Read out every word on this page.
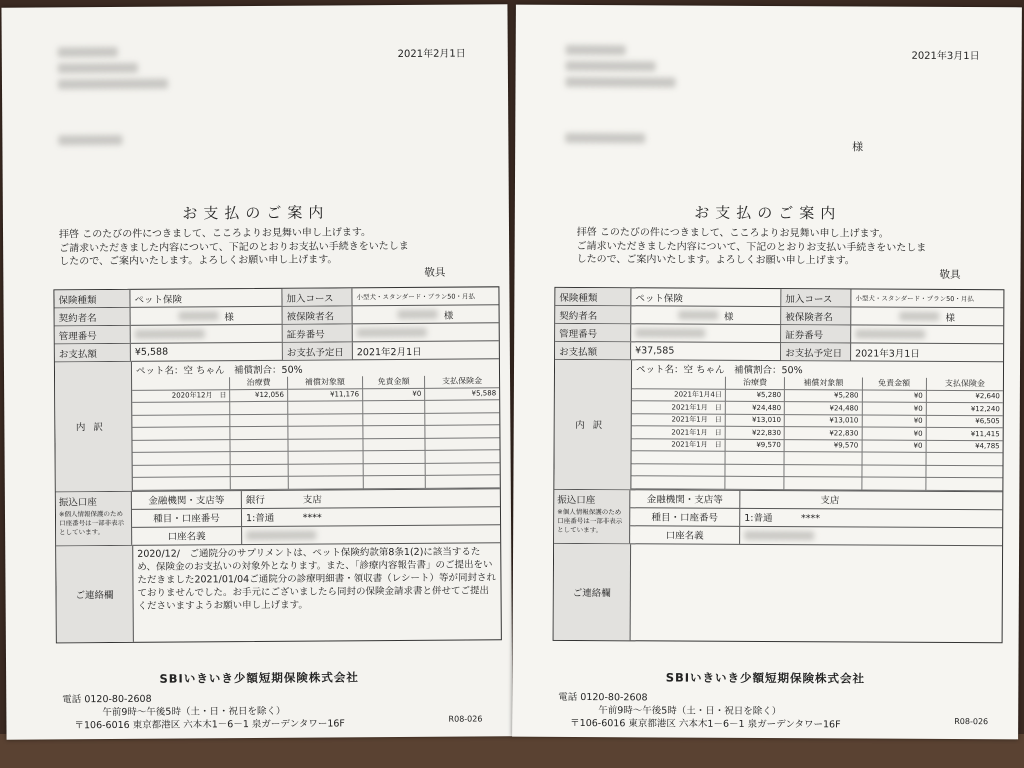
2021年2月1日
お支払のご案内
拝啓 このたびの件につきまして、こころよりお見舞い申し上げます。
ご請求いただきました内容について、下記のとおりお支払い手続きをいたしま
したので、ご案内いたします。よろしくお願い申し上げます。
敬具
保険種類	ペット保険	加入コース	小型犬・スタンダード・プラン50・月払
契約者名	様	被保険者名	様
管理番号	証券番号
お支払額	¥5,588	お支払予定日	2021年2月1日
内訳
ペット名：空 ちゃん　補償割合：50%
	治療費	補償対象額	免責金額	支払保険金
2020年12月　日	¥12,056	¥11,176	¥0	¥5,588

振込口座
※個人情報保護のため口座番号は一部非表示としています。
金融機関・支店等	銀行　　　　支店
種目・口座番号	1:普通　　　****
口座名義
ご連絡欄
2020/12/　ご通院分のサプリメントは、ペット保険約款第8条1(2)に該当するため、保険金のお支払いの対象外となります。また、「診療内容報告書」のご提出をいただきました2021/01/04ご通院分の診療明細書・領収書（レシート）等が同封されておりませんでした。お手元にございましたら同封の保険金請求書と併せてご提出くださいますようお願い申し上げます。
SBIいきいき少額短期保険株式会社
電話 0120-80-2608
午前9時〜午後5時（土・日・祝日を除く）
〒106-6016 東京都港区 六本木1－6－1 泉ガーデンタワー16F	R08-026
2021年3月1日
様
お支払のご案内
拝啓 このたびの件につきまして、こころよりお見舞い申し上げます。
ご請求いただきました内容について、下記のとおりお支払い手続きをいたしま
したので、ご案内いたします。よろしくお願い申し上げます。
敬具
保険種類	ペット保険	加入コース	小型犬・スタンダード・プラン50・月払
契約者名	様	被保険者名	様
管理番号	証券番号
お支払額	¥37,585	お支払予定日	2021年3月1日
内訳
ペット名：空 ちゃん　補償割合：50%
	治療費	補償対象額	免責金額	支払保険金
2021年1月4日	¥5,280	¥5,280	¥0	¥2,640
2021年1月　日	¥24,480	¥24,480	¥0	¥12,240
2021年1月　日	¥13,010	¥13,010	¥0	¥6,505
2021年1月　日	¥22,830	¥22,830	¥0	¥11,415
2021年1月　日	¥9,570	¥9,570	¥0	¥4,785

振込口座
※個人情報保護のため口座番号は一部非表示としています。
金融機関・支店等	支店
種目・口座番号	1:普通　　　****
口座名義
ご連絡欄
SBIいきいき少額短期保険株式会社
電話 0120-80-2608
午前9時〜午後5時（土・日・祝日を除く）
〒106-6016 東京都港区 六本木1－6－1 泉ガーデンタワー16F	R08-026
